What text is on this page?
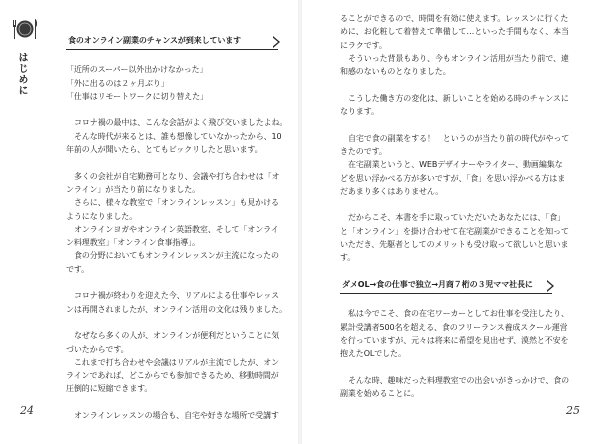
はじめに
食のオンライン副業のチャンスが到来しています

「近所のスーパー以外出かけなかった」

「外に出るのは２ヶ月ぶり」

「仕事はリモートワークに切り替えた」

コロナ禍の最中は、こんな会話がよく飛び交いましたよね。

そんな時代が来るとは、誰も想像していなかったから、10

年前の人が聞いたら、とてもビックリしたと思います。

多くの会社が自宅勤務可となり、会議や打ち合わせは「オ

ンライン」が当たり前になりました。

さらに、様々な教室で「オンラインレッスン」も見かける

ようになりました。

オンラインヨガやオンライン英語教室、そして「オンライ

ン料理教室」「オンライン食事指導」。

食の分野においてもオンラインレッスンが主流になったの

です。

コロナ禍が終わりを迎えた今、リアルによる仕事やレッス

ンは再開されましたが、オンライン活用の文化は残りました。

なぜなら多くの人が、オンラインが便利だということに気

づいたからです。

これまで打ち合わせや会議はリアルが主流でしたが、オン

ラインであれば、どこからでも参加できるため、移動時間が

圧倒的に短縮できます。

オンラインレッスンの場合も、自宅や好きな場所で受講す

ることができるので、時間を有効に使えます。レッスンに行くた

めに、お化粧して着替えて準備して…といった手間もなく、本当

にラクです。

そういった背景もあり、今もオンライン活用が当たり前で、違

和感のないものとなりました。

こうした働き方の変化は、新しいことを始める時のチャンスに

なります。

自宅で食の副業をする！　というのが当たり前の時代がやって

きたのです。

在宅副業というと、WEBデザイナーやライター、動画編集な

どを思い浮かべる方が多いですが、「食」を思い浮かべる方はま

だあまり多くはありません。

だからこそ、本書を手に取っていただいたあなたには、「食」

と「オンライン」を掛け合わせて在宅副業ができることを知って

いただき、先駆者としてのメリットも受け取って欲しいと思いま

す。

ダメOL→食の仕事で独立→月商７桁の３児ママ社長に

私は今でこそ、食の在宅ワーカーとしてお仕事を受注したり、

累計受講者500名を超える、食のフリーランス養成スクール運営

を行っていますが、元々は将来に希望を見出せず、漠然と不安を

抱えたOLでした。

そんな時、趣味だった料理教室での出会いがきっかけで、食の

副業を始めることに。

24	25
